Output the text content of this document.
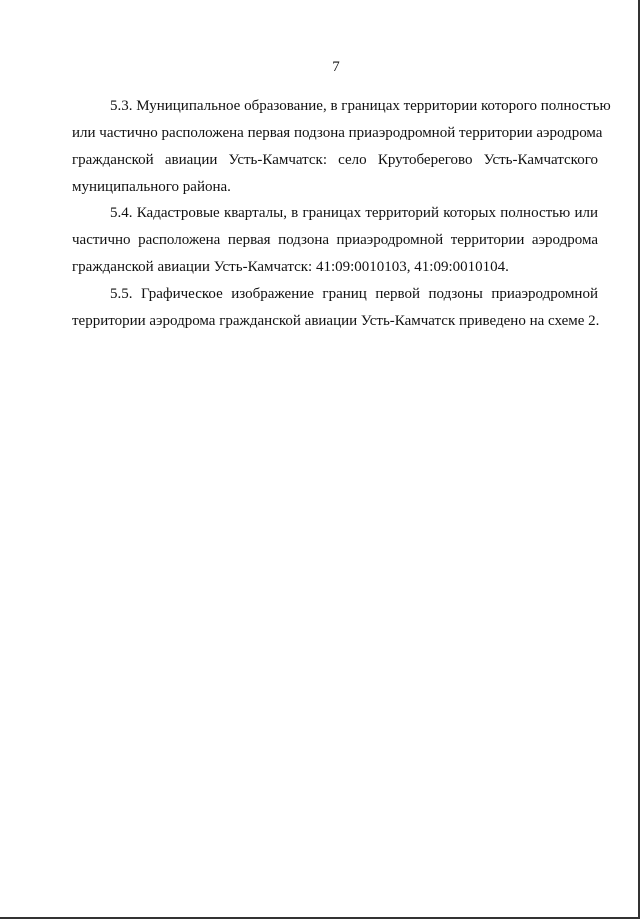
7
5.3. Муниципальное образование, в границах территории которого полностью
или частично расположена первая подзона приаэродромной территории аэродрома
гражданской авиации Усть-Камчатск: село Крутоберегово Усть-Камчатского
муниципального района.
5.4. Кадастровые кварталы, в границах территорий которых полностью или
частично расположена первая подзона приаэродромной территории аэродрома
гражданской авиации Усть-Камчатск: 41:09:0010103, 41:09:0010104.
5.5. Графическое изображение границ первой подзоны приаэродромной
территории аэродрома гражданской авиации Усть-Камчатск приведено на схеме 2.
